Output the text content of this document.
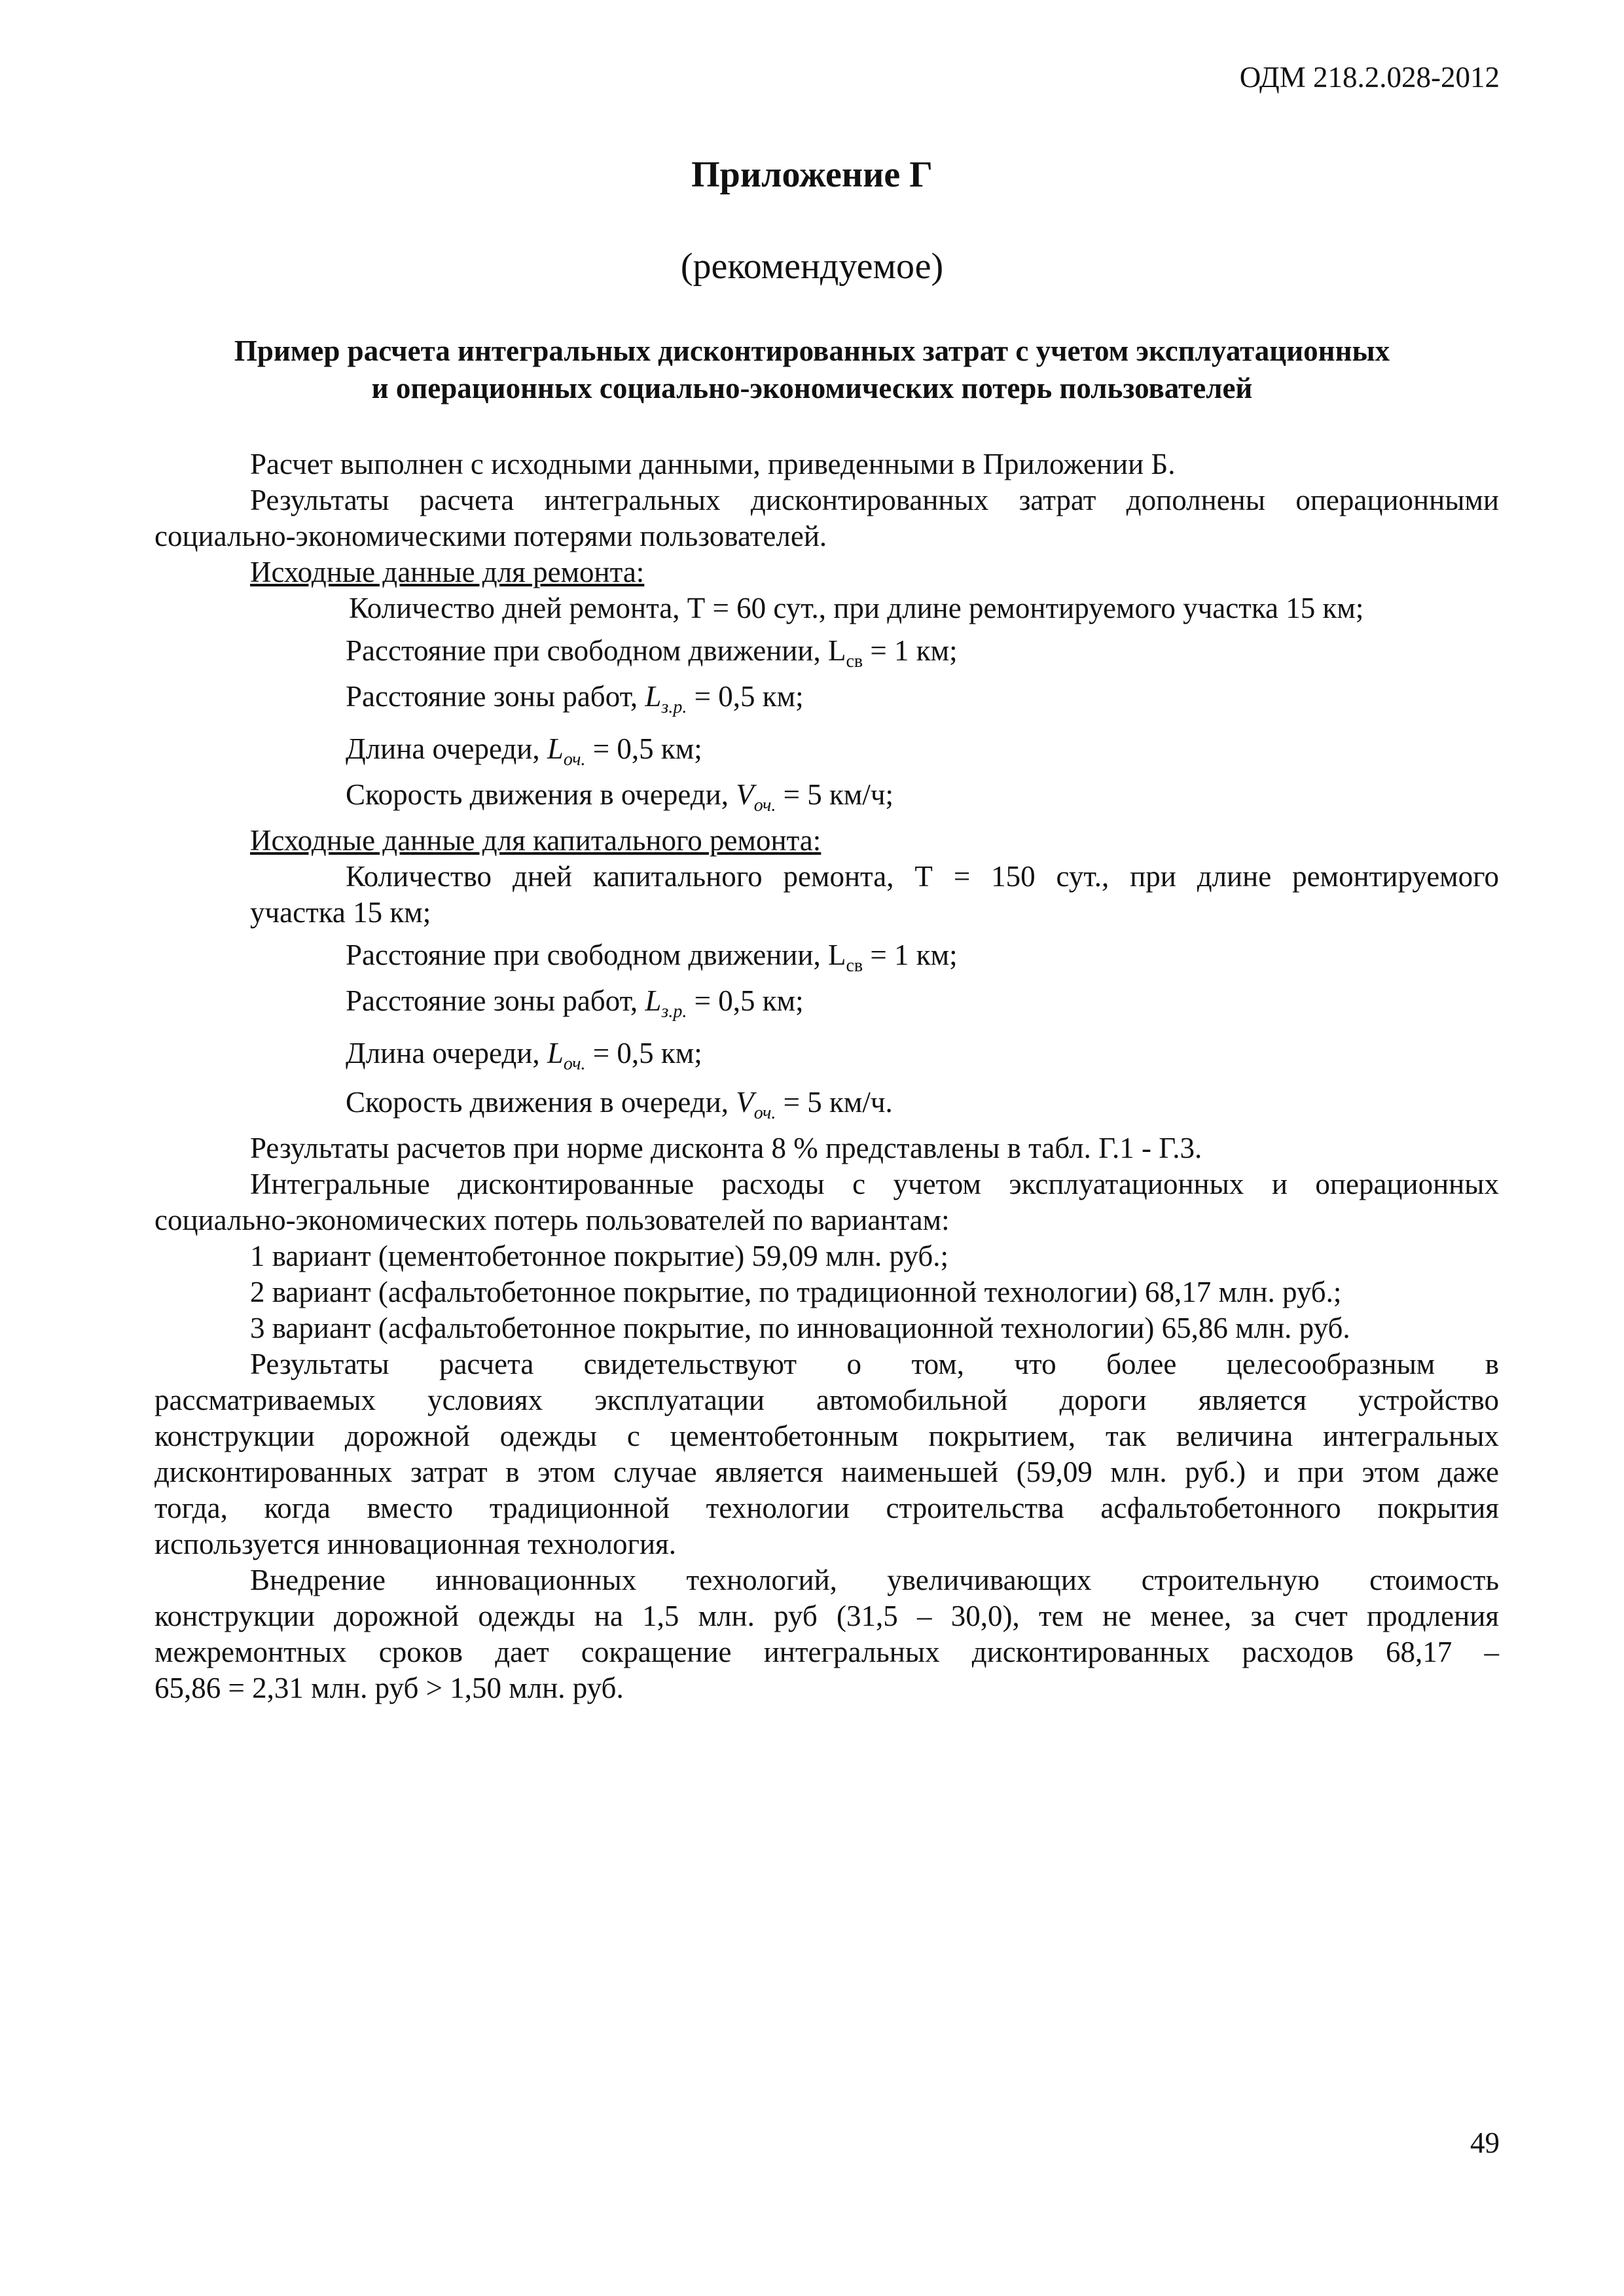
ОДМ 218.2.028-2012
Приложение Г
(рекомендуемое)
Пример расчета интегральных дисконтированных затрат с учетом эксплуатационных
и операционных социально-экономических потерь пользователей
Расчет выполнен с исходными данными, приведенными в Приложении Б.
Результаты расчета интегральных дисконтированных затрат дополнены операционными
социально-экономическими потерями пользователей.
Исходные данные для ремонта:
Количество дней ремонта, Т = 60 сут., при длине ремонтируемого участка 15 км;
Расстояние при свободном движении, $L_{св} = 1$ км;
Расстояние зоны работ, $L_{з.р.} = 0,5$ км;
Длина очереди, $L_{оч.} = 0,5$ км;
Скорость движения в очереди, $V_{оч.} = 5$ км/ч;
Исходные данные для капитального ремонта:
Количество дней капитального ремонта, Т = 150 сут., при длине ремонтируемого
участка 15 км;
Расстояние при свободном движении, $L_{св} = 1$ км;
Расстояние зоны работ, $L_{з.р.} = 0,5$ км;
Длина очереди, $L_{оч.} = 0,5$ км;
Скорость движения в очереди, $V_{оч.} = 5$ км/ч.
Результаты расчетов при норме дисконта 8 % представлены в табл. Г.1 - Г.3.
Интегральные дисконтированные расходы с учетом эксплуатационных и операционных
социально-экономических потерь пользователей по вариантам:
1 вариант (цементобетонное покрытие) 59,09 млн. руб.;
2 вариант (асфальтобетонное покрытие, по традиционной технологии) 68,17 млн. руб.;
3 вариант (асфальтобетонное покрытие, по инновационной технологии) 65,86 млн. руб.
Результаты расчета свидетельствуют о том, что более целесообразным в
рассматриваемых условиях эксплуатации автомобильной дороги является устройство
конструкции дорожной одежды с цементобетонным покрытием, так величина интегральных
дисконтированных затрат в этом случае является наименьшей (59,09 млн. руб.) и при этом даже
тогда, когда вместо традиционной технологии строительства асфальтобетонного покрытия
используется инновационная технология.
Внедрение инновационных технологий, увеличивающих строительную стоимость
конструкции дорожной одежды на 1,5 млн. руб (31,5 – 30,0), тем не менее, за счет продления
межремонтных сроков дает сокращение интегральных дисконтированных расходов 68,17 –
65,86 = 2,31 млн. руб > 1,50 млн. руб.
49
